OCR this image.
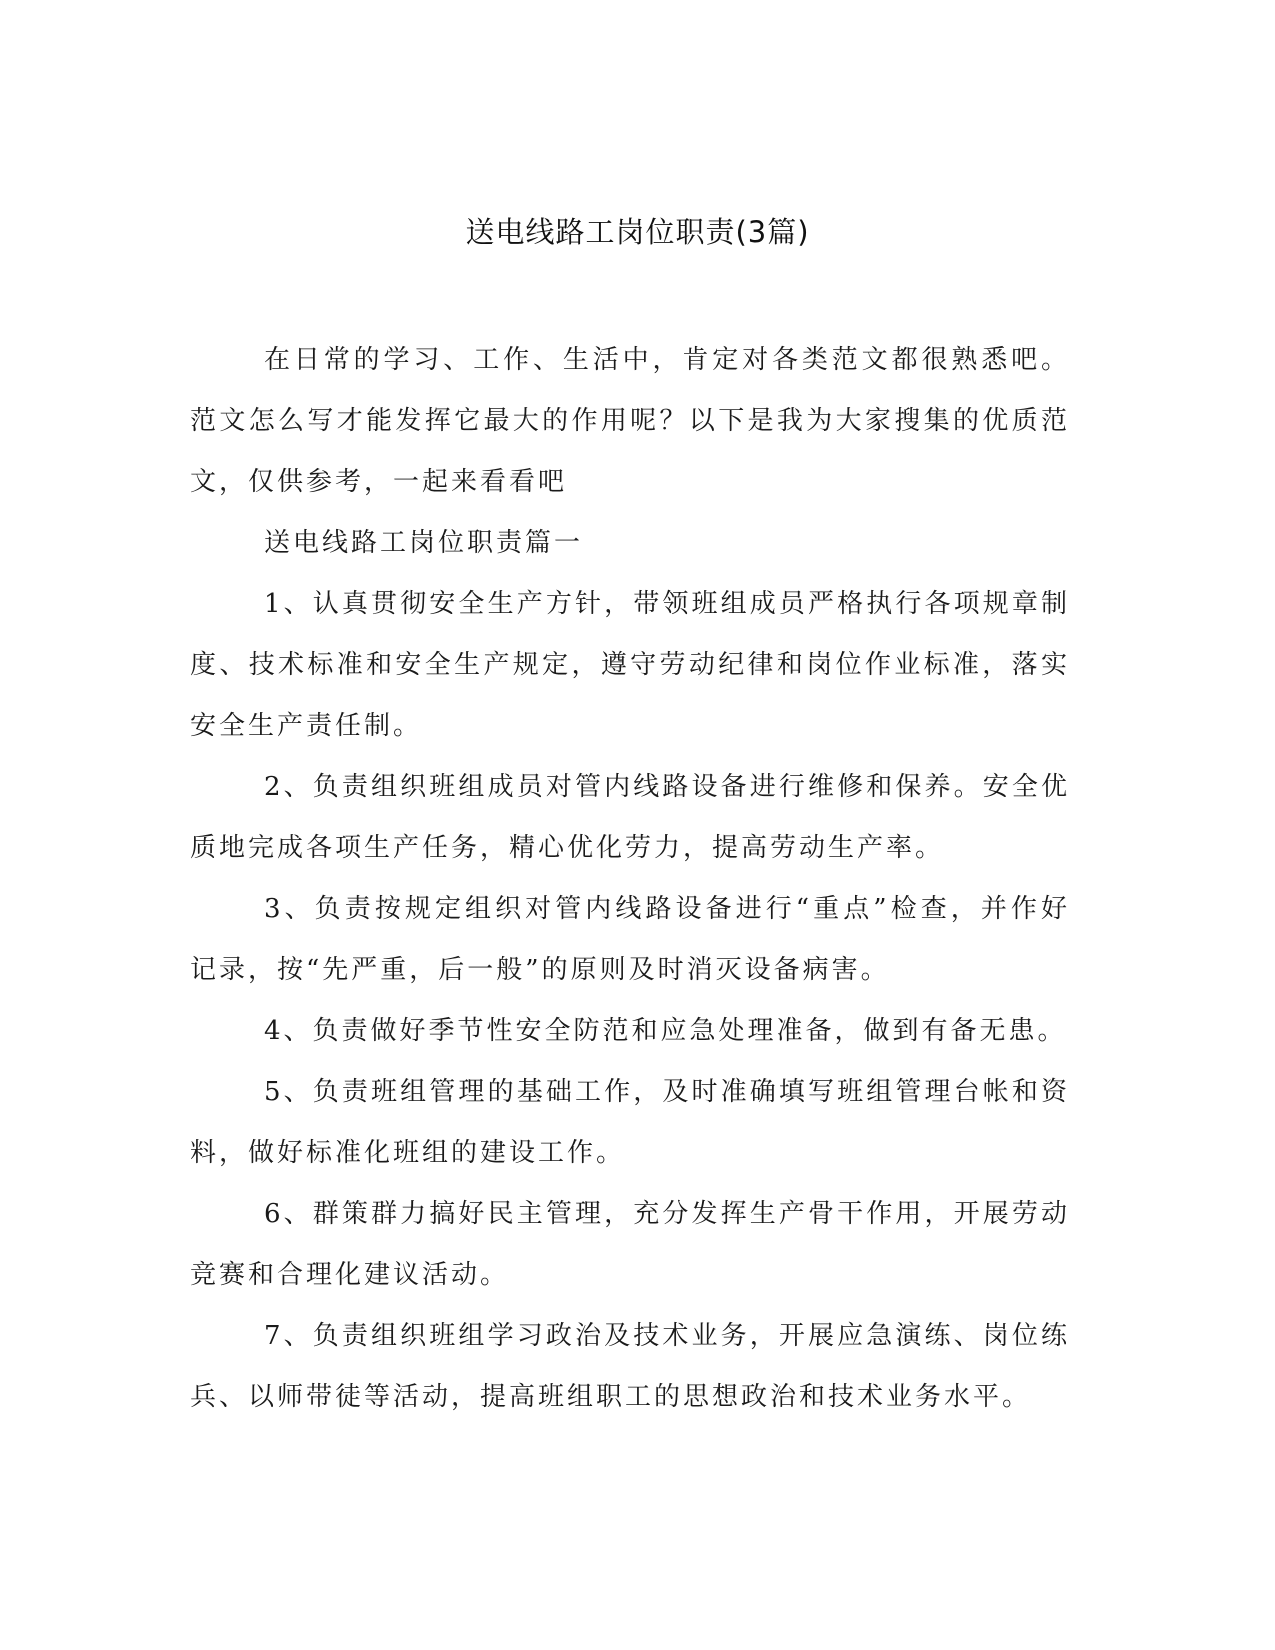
送电线路工岗位职责(3篇)

在日常的学习、工作、生活中，肯定对各类范文都很熟悉吧。范文怎么写才能发挥它最大的作用呢？以下是我为大家搜集的优质范文，仅供参考，一起来看看吧

送电线路工岗位职责篇一

1、认真贯彻安全生产方针，带领班组成员严格执行各项规章制度、技术标准和安全生产规定，遵守劳动纪律和岗位作业标准，落实安全生产责任制。

2、负责组织班组成员对管内线路设备进行维修和保养。安全优质地完成各项生产任务，精心优化劳力，提高劳动生产率。

3、负责按规定组织对管内线路设备进行“重点”检查，并作好记录，按“先严重，后一般”的原则及时消灭设备病害。

4、负责做好季节性安全防范和应急处理准备，做到有备无患。

5、负责班组管理的基础工作，及时准确填写班组管理台帐和资料，做好标准化班组的建设工作。

6、群策群力搞好民主管理，充分发挥生产骨干作用，开展劳动竞赛和合理化建议活动。

7、负责组织班组学习政治及技术业务，开展应急演练、岗位练兵、以师带徒等活动，提高班组职工的思想政治和技术业务水平。
